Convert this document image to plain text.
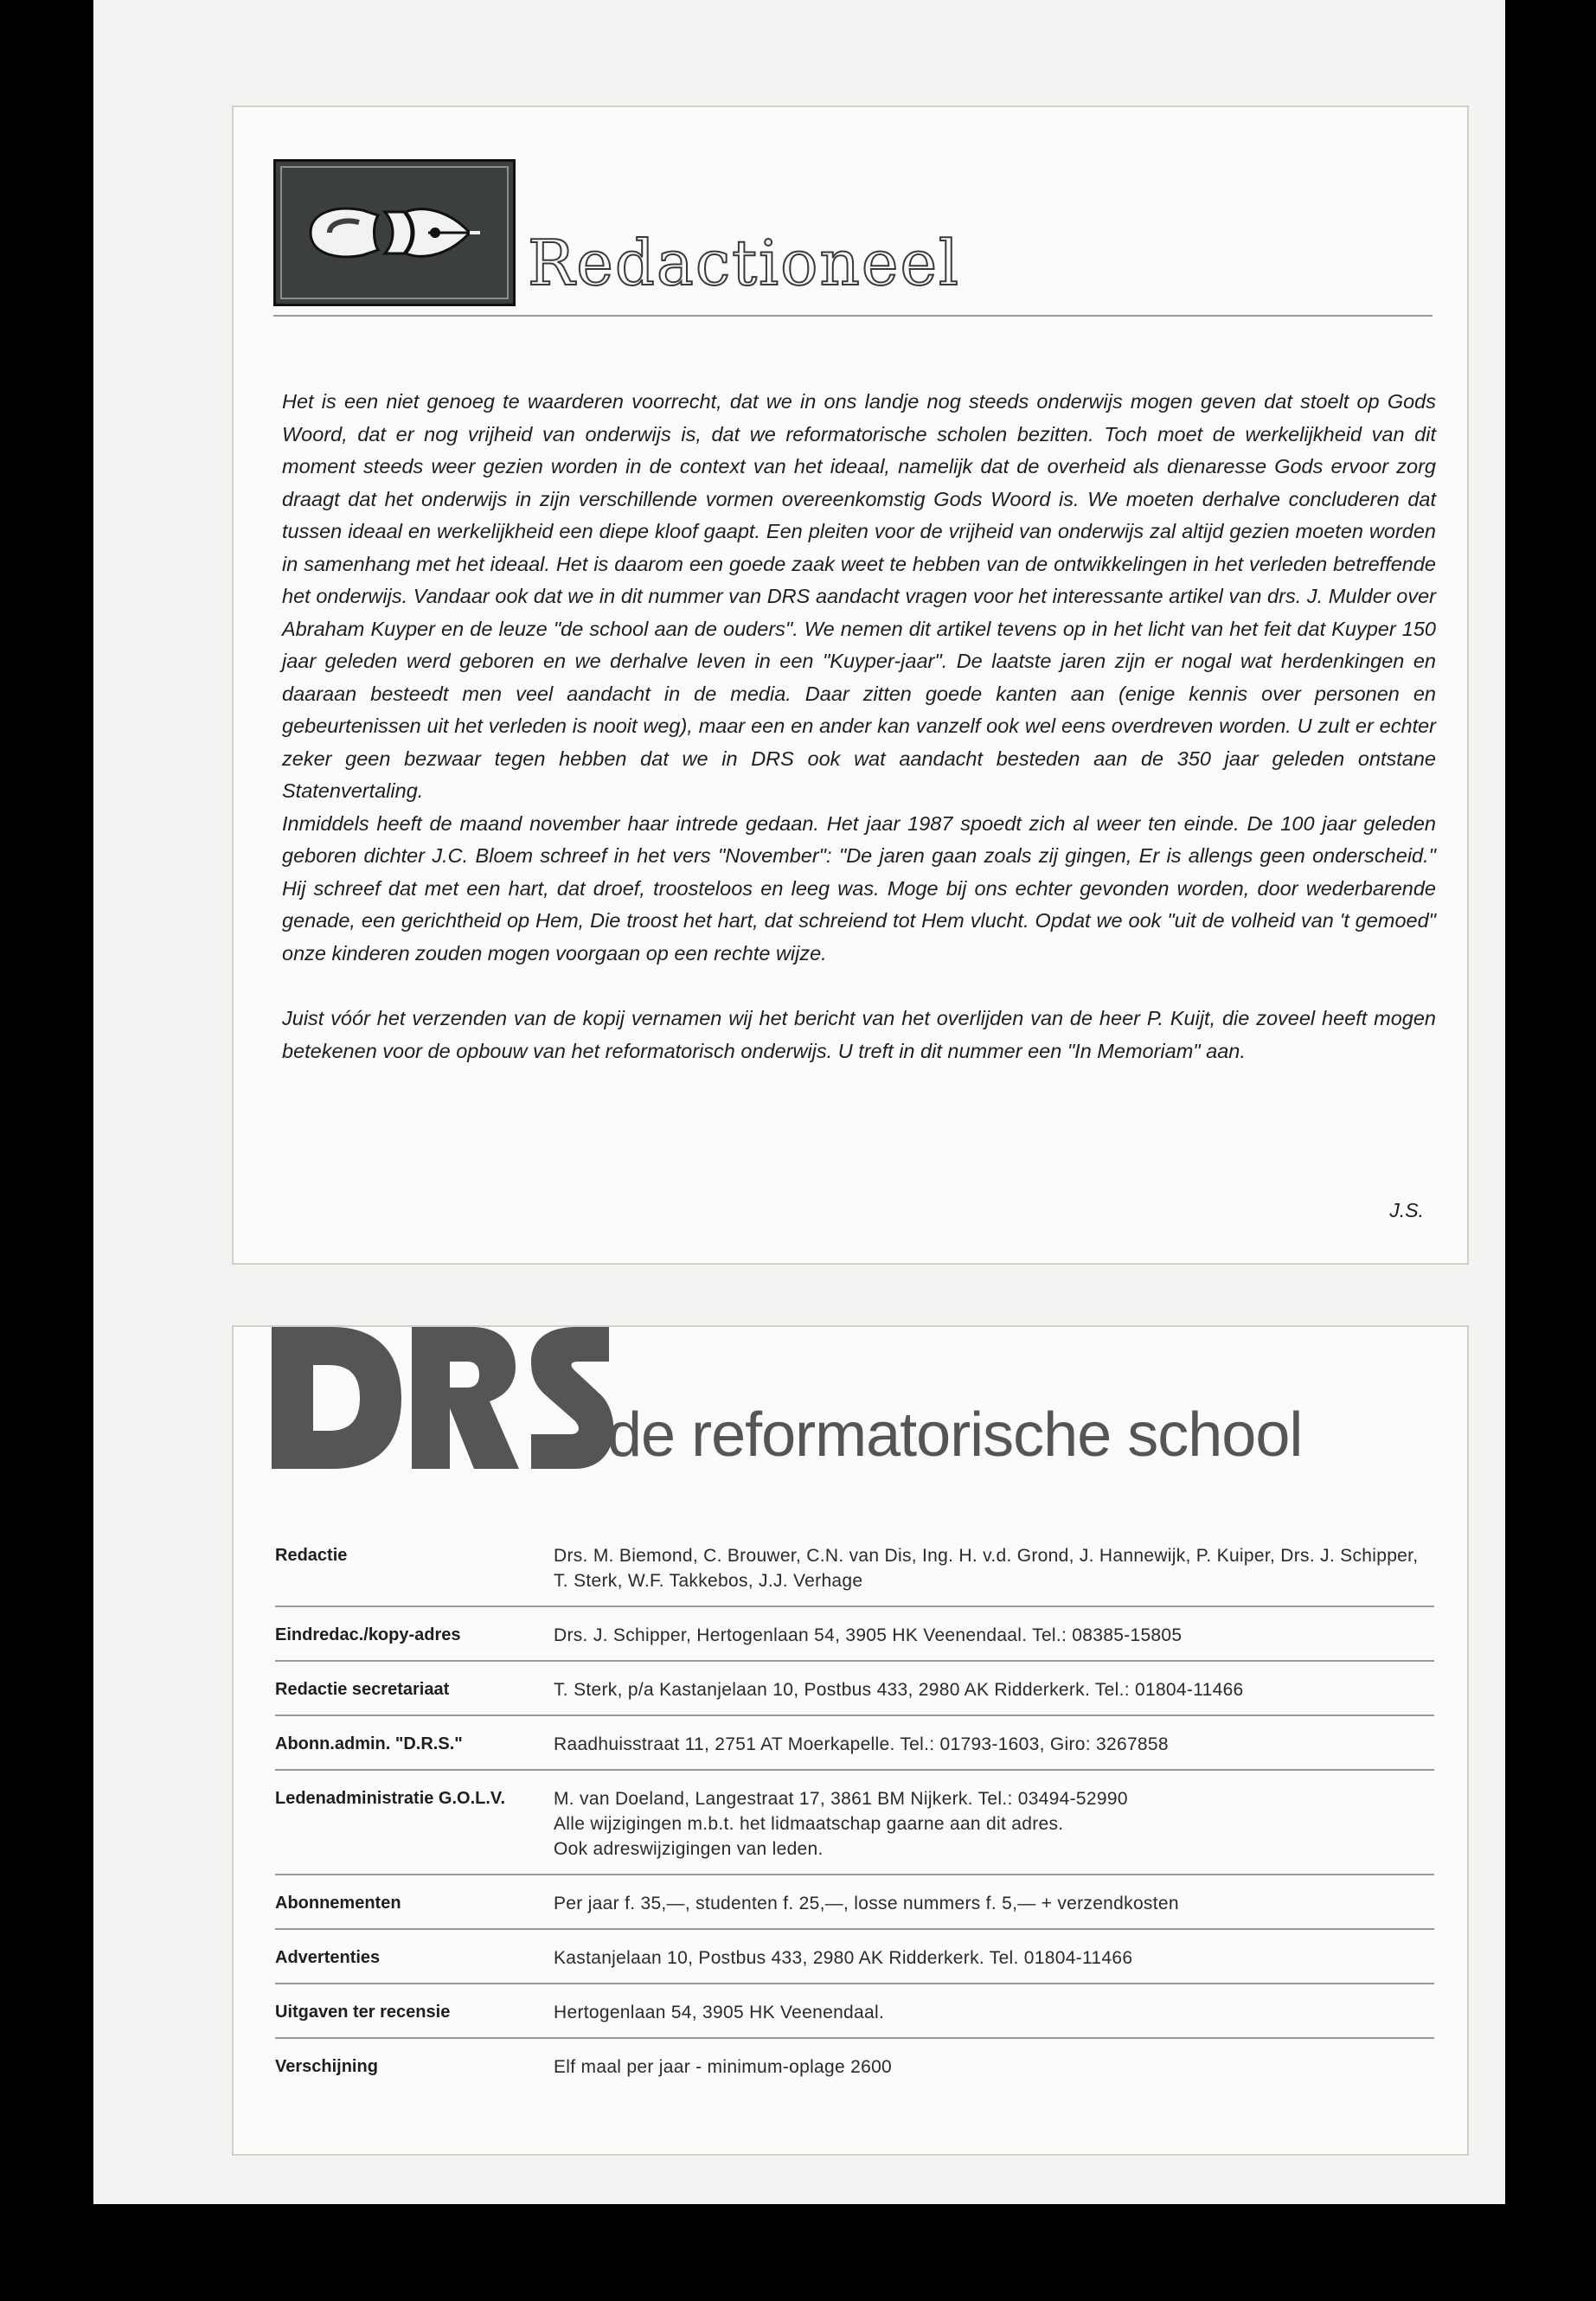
Redactioneel

Het is een niet genoeg te waarderen voorrecht, dat we in ons landje nog steeds onderwijs mogen geven dat stoelt op Gods Woord, dat er nog vrijheid van onderwijs is, dat we reformatorische scholen bezitten. Toch moet de werkelijkheid van dit moment steeds weer gezien worden in de context van het ideaal, namelijk dat de overheid als dienaresse Gods ervoor zorg draagt dat het onderwijs in zijn verschillende vormen overeenkomstig Gods Woord is. We moeten derhalve concluderen dat tussen ideaal en werkelijkheid een diepe kloof gaapt. Een pleiten voor de vrijheid van onderwijs zal altijd gezien moeten worden in samenhang met het ideaal. Het is daarom een goede zaak weet te hebben van de ontwikkelingen in het verleden betreffende het onderwijs. Vandaar ook dat we in dit nummer van DRS aandacht vragen voor het interessante artikel van drs. J. Mulder over Abraham Kuyper en de leuze "de school aan de ouders". We nemen dit artikel tevens op in het licht van het feit dat Kuyper 150 jaar geleden werd geboren en we derhalve leven in een "Kuyper-jaar". De laatste jaren zijn er nogal wat herdenkingen en daaraan besteedt men veel aandacht in de media. Daar zitten goede kanten aan (enige kennis over personen en gebeurtenissen uit het verleden is nooit weg), maar een en ander kan vanzelf ook wel eens overdreven worden. U zult er echter zeker geen bezwaar tegen hebben dat we in DRS ook wat aandacht besteden aan de 350 jaar geleden ontstane Statenvertaling.

Inmiddels heeft de maand november haar intrede gedaan. Het jaar 1987 spoedt zich al weer ten einde. De 100 jaar geleden geboren dichter J.C. Bloem schreef in het vers "November": "De jaren gaan zoals zij gingen, Er is allengs geen onderscheid." Hij schreef dat met een hart, dat droef, troosteloos en leeg was. Moge bij ons echter gevonden worden, door wederbarende genade, een gerichtheid op Hem, Die troost het hart, dat schreiend tot Hem vlucht. Opdat we ook "uit de volheid van 't gemoed" onze kinderen zouden mogen voorgaan op een rechte wijze.

Juist vóór het verzenden van de kopij vernamen wij het bericht van het overlijden van de heer P. Kuijt, die zoveel heeft mogen betekenen voor de opbouw van het reformatorisch onderwijs. U treft in dit nummer een "In Memoriam" aan.

J.S.
de reformatorische school
Redactie	Drs. M. Biemond, C. Brouwer, C.N. van Dis, Ing. H. v.d. Grond, J. Hannewijk, P. Kuiper, Drs. J. Schipper, T. Sterk, W.F. Takkebos, J.J. Verhage

Eindredac./kopy-adres	Drs. J. Schipper, Hertogenlaan 54, 3905 HK Veenendaal. Tel.: 08385-15805

Redactie secretariaat	T. Sterk, p/a Kastanjelaan 10, Postbus 433, 2980 AK Ridderkerk. Tel.: 01804-11466

Abonn.admin. "D.R.S."	Raadhuisstraat 11, 2751 AT Moerkapelle. Tel.: 01793-1603, Giro: 3267858

Ledenadministratie G.O.L.V.	M. van Doeland, Langestraat 17, 3861 BM Nijkerk. Tel.: 03494-52990
Alle wijzigingen m.b.t. het lidmaatschap gaarne aan dit adres.
Ook adreswijzigingen van leden.

Abonnementen	Per jaar f. 35,—, studenten f. 25,—, losse nummers f. 5,— + verzendkosten

Advertenties	Kastanjelaan 10, Postbus 433, 2980 AK Ridderkerk. Tel. 01804-11466

Uitgaven ter recensie	Hertogenlaan 54, 3905 HK Veenendaal.

Verschijning	Elf maal per jaar - minimum-oplage 2600
